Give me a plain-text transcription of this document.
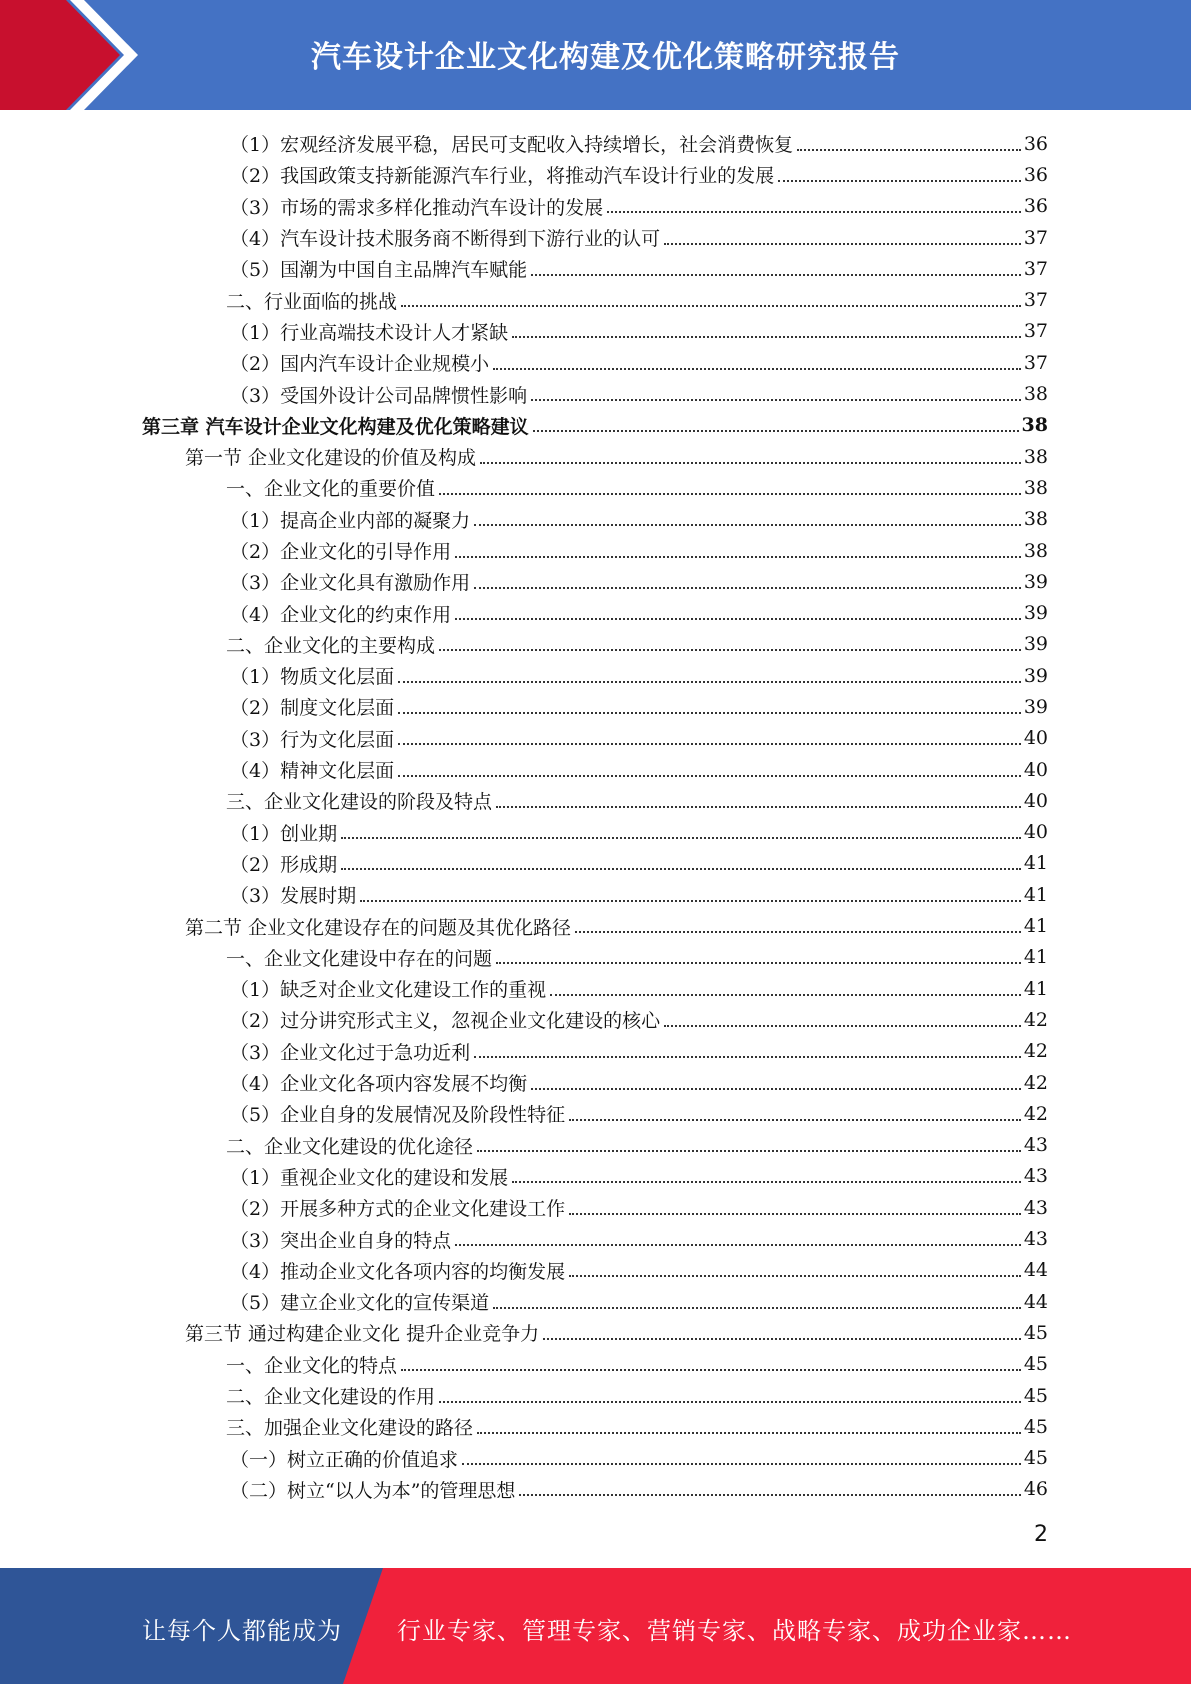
汽车设计企业文化构建及优化策略研究报告
（1）宏观经济发展平稳，居民可支配收入持续增长，社会消费恢复	36
（2）我国政策支持新能源汽车行业，将推动汽车设计行业的发展	36
（3）市场的需求多样化推动汽车设计的发展	36
（4）汽车设计技术服务商不断得到下游行业的认可	37
（5）国潮为中国自主品牌汽车赋能	37
二、行业面临的挑战	37
（1）行业高端技术设计人才紧缺	37
（2）国内汽车设计企业规模小	37
（3）受国外设计公司品牌惯性影响	38
第三章 汽车设计企业文化构建及优化策略建议	38
第一节 企业文化建设的价值及构成	38
一、企业文化的重要价值	38
（1）提高企业内部的凝聚力	38
（2）企业文化的引导作用	38
（3）企业文化具有激励作用	39
（4）企业文化的约束作用	39
二、企业文化的主要构成	39
（1）物质文化层面	39
（2）制度文化层面	39
（3）行为文化层面	40
（4）精神文化层面	40
三、企业文化建设的阶段及特点	40
（1）创业期	40
（2）形成期	41
（3）发展时期	41
第二节 企业文化建设存在的问题及其优化路径	41
一、企业文化建设中存在的问题	41
（1）缺乏对企业文化建设工作的重视	41
（2）过分讲究形式主义，忽视企业文化建设的核心	42
（3）企业文化过于急功近利	42
（4）企业文化各项内容发展不均衡	42
（5）企业自身的发展情况及阶段性特征	42
二、企业文化建设的优化途径	43
（1）重视企业文化的建设和发展	43
（2）开展多种方式的企业文化建设工作	43
（3）突出企业自身的特点	43
（4）推动企业文化各项内容的均衡发展	44
（5）建立企业文化的宣传渠道	44
第三节 通过构建企业文化 提升企业竞争力	45
一、企业文化的特点	45
二、企业文化建设的作用	45
三、加强企业文化建设的路径	45
（一）树立正确的价值追求	45
（二）树立“以人为本”的管理思想	46
2
让每个人都能成为 行业专家、管理专家、营销专家、战略专家、成功企业家……
